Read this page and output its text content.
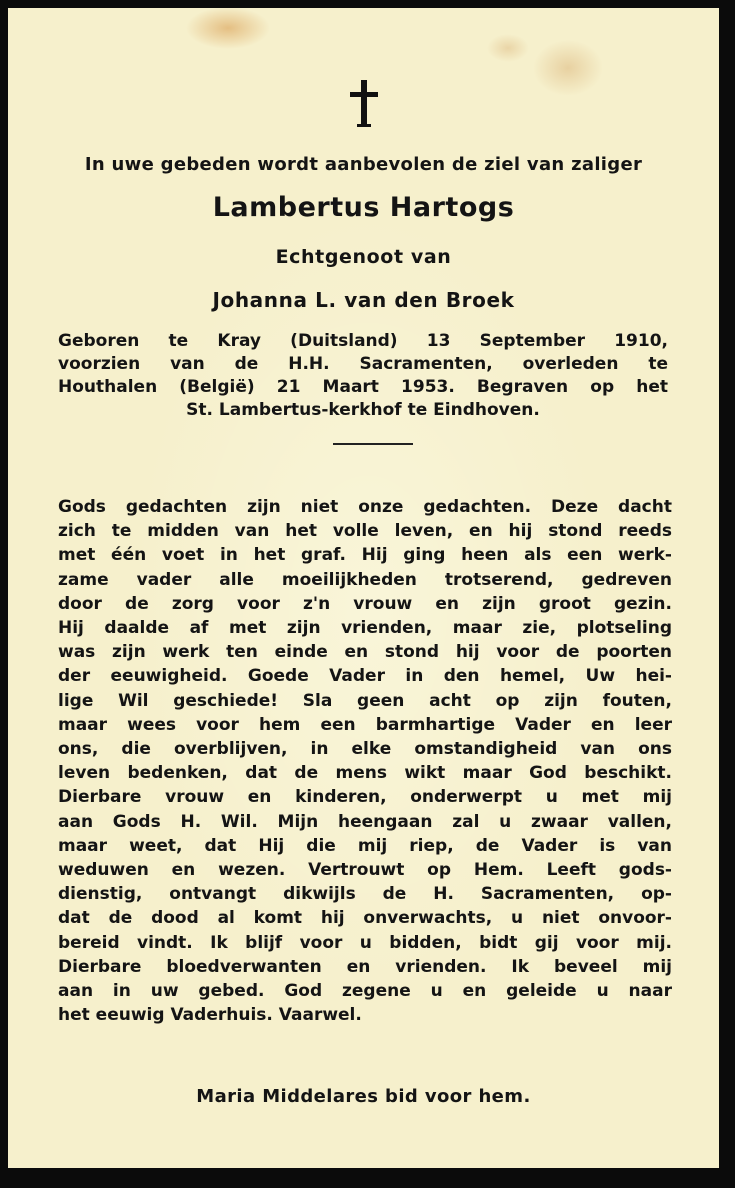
In uwe gebeden wordt aanbevolen de ziel van zaliger
Lambertus Hartogs
Echtgenoot van
Johanna L. van den Broek
Geboren te Kray (Duitsland) 13 September 1910,
voorzien van de H.H. Sacramenten, overleden te
Houthalen (België) 21 Maart 1953. Begraven op het
St. Lambertus-kerkhof te Eindhoven.
Gods gedachten zijn niet onze gedachten. Deze dacht
zich te midden van het volle leven, en hij stond reeds
met één voet in het graf. Hij ging heen als een werk-
zame vader alle moeilijkheden trotserend, gedreven
door de zorg voor z'n vrouw en zijn groot gezin.
Hij daalde af met zijn vrienden, maar zie, plotseling
was zijn werk ten einde en stond hij voor de poorten
der eeuwigheid. Goede Vader in den hemel, Uw hei-
lige Wil geschiede! Sla geen acht op zijn fouten,
maar wees voor hem een barmhartige Vader en leer
ons, die overblijven, in elke omstandigheid van ons
leven bedenken, dat de mens wikt maar God beschikt.
Dierbare vrouw en kinderen, onderwerpt u met mij
aan Gods H. Wil. Mijn heengaan zal u zwaar vallen,
maar weet, dat Hij die mij riep, de Vader is van
weduwen en wezen. Vertrouwt op Hem. Leeft gods-
dienstig, ontvangt dikwijls de H. Sacramenten, op-
dat de dood al komt hij onverwachts, u niet onvoor-
bereid vindt. Ik blijf voor u bidden, bidt gij voor mij.
Dierbare bloedverwanten en vrienden. Ik beveel mij
aan in uw gebed. God zegene u en geleide u naar
het eeuwig Vaderhuis. Vaarwel.
Maria Middelares bid voor hem.
